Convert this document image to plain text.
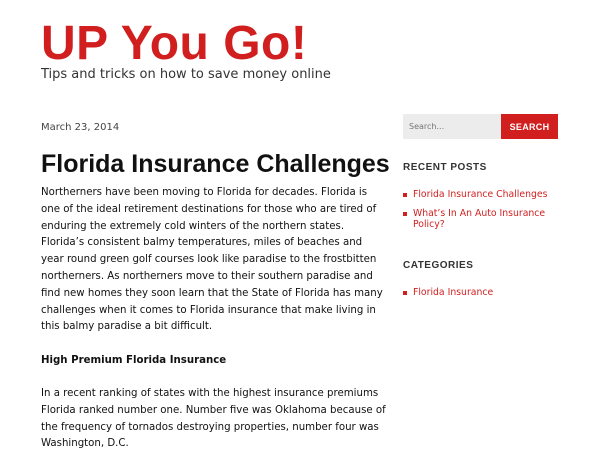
UP You Go!
Tips and tricks on how to save money online
March 23, 2014
Florida Insurance Challenges

Northerners have been moving to Florida for decades. Florida is one of the ideal retirement destinations for those who are tired of enduring the extremely cold winters of the northern states. Florida’s consistent balmy temperatures, miles of beaches and year round green golf courses look like paradise to the frostbitten northerners. As northerners move to their southern paradise and find new homes they soon learn that the State of Florida has many challenges when it comes to Florida insurance that make living in this balmy paradise a bit difficult.

High Premium Florida Insurance

In a recent ranking of states with the highest insurance premiums Florida ranked number one. Number five was Oklahoma because of the frequency of tornados destroying properties, number four was Washington, D.C.

Search...
SEARCH
RECENT POSTS
Florida Insurance Challenges
What’s In An Auto Insurance Policy?
CATEGORIES
Florida Insurance
